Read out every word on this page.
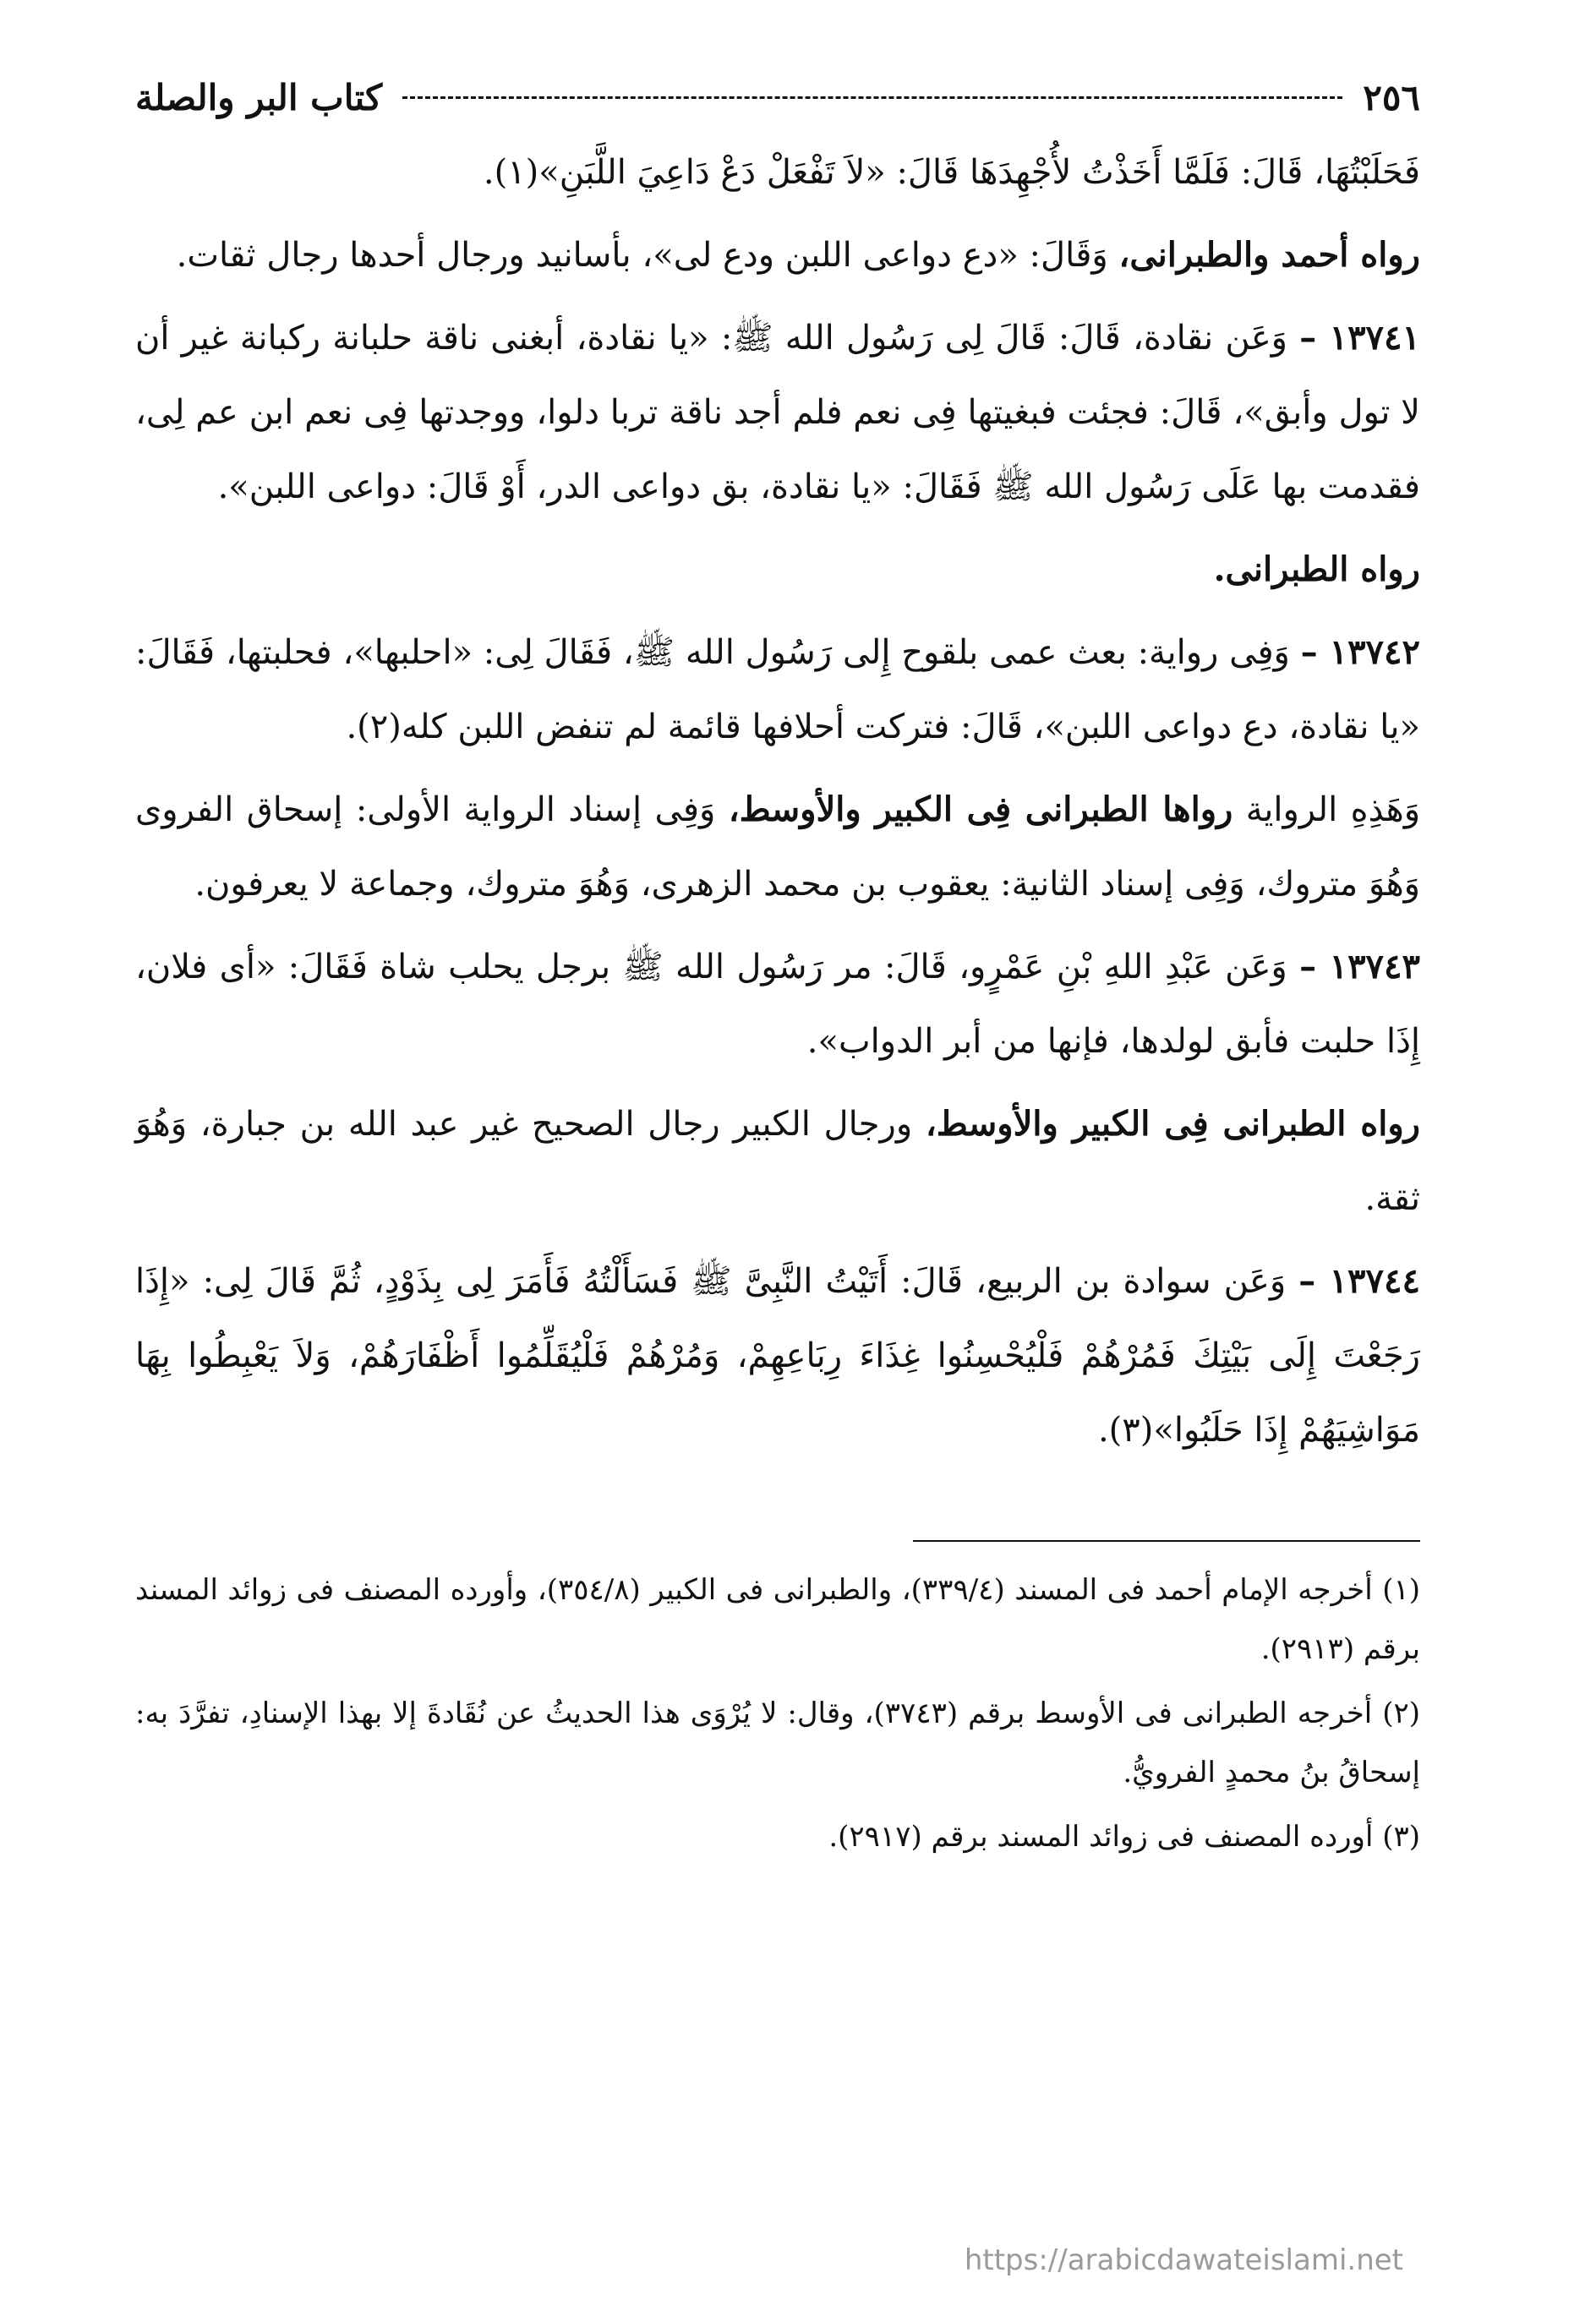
٢٥٦
كتاب البر والصلة

فَحَلَبْتُهَا، قَالَ: فَلَمَّا أَخَذْتُ لأُجْهِدَهَا قَالَ: «لاَ تَفْعَلْ دَعْ دَاعِيَ اللَّبَنِ»(١).

رواه أحمد والطبرانى، وَقَالَ: «دع دواعى اللبن ودع لى»، بأسانيد ورجال أحدها رجال ثقات.

١٣٧٤١ – وَعَن نقادة، قَالَ: قَالَ لِى رَسُول الله ﷺ: «يا نقادة، أبغنى ناقة حلبانة ركبانة غير أن لا تول وأبق»، قَالَ: فجئت فبغيتها فِى نعم فلم أجد ناقة تربا دلوا، ووجدتها فِى نعم ابن عم لِى، فقدمت بها عَلَى رَسُول الله ﷺ فَقَالَ: «يا نقادة، بق دواعى الدر، أَوْ قَالَ: دواعى اللبن».

رواه الطبرانى.

١٣٧٤٢ – وَفِى رواية: بعث عمى بلقوح إِلى رَسُول الله ﷺ، فَقَالَ لِى: «احلبها»، فحلبتها، فَقَالَ: «يا نقادة، دع دواعى اللبن»، قَالَ: فتركت أحلافها قائمة لم تنفض اللبن كله(٢).

وَهَذِهِ الرواية رواها الطبرانى فِى الكبير والأوسط، وَفِى إسناد الرواية الأولى: إسحاق الفروى وَهُوَ متروك، وَفِى إسناد الثانية: يعقوب بن محمد الزهرى، وَهُوَ متروك، وجماعة لا يعرفون.

١٣٧٤٣ – وَعَن عَبْدِ اللهِ بْنِ عَمْرٍو، قَالَ: مر رَسُول الله ﷺ برجل يحلب شاة فَقَالَ: «أى فلان، إِذَا حلبت فأبق لولدها، فإنها من أبر الدواب».

رواه الطبرانى فِى الكبير والأوسط، ورجال الكبير رجال الصحيح غير عبد الله بن جبارة، وَهُوَ ثقة.

١٣٧٤٤ – وَعَن سوادة بن الربيع، قَالَ: أَتَيْتُ النَّبِىَّ ﷺ فَسَأَلْتُهُ فَأَمَرَ لِى بِذَوْدٍ، ثُمَّ قَالَ لِى: «إِذَا رَجَعْتَ إِلَى بَيْتِكَ فَمُرْهُمْ فَلْيُحْسِنُوا غِذَاءَ رِبَاعِهِمْ، وَمُرْهُمْ فَلْيُقَلِّمُوا أَظْفَارَهُمْ، وَلاَ يَعْبِطُوا بِهَا مَوَاشِيَهُمْ إِذَا حَلَبُوا»(٣).

(١) أخرجه الإمام أحمد فى المسند (٣٣٩/٤)، والطبرانى فى الكبير (٣٥٤/٨)، وأورده المصنف فى زوائد المسند برقم (٢٩١٣).

(٢) أخرجه الطبرانى فى الأوسط برقم (٣٧٤٣)، وقال: لا يُرْوَى هذا الحديثُ عن نُقَادةَ إلا بهذا الإسنادِ، تفرَّدَ به: إسحاقُ بنُ محمدٍ الفرويُّ.

(٣) أورده المصنف فى زوائد المسند برقم (٢٩١٧).

https://arabicdawateislami.net
